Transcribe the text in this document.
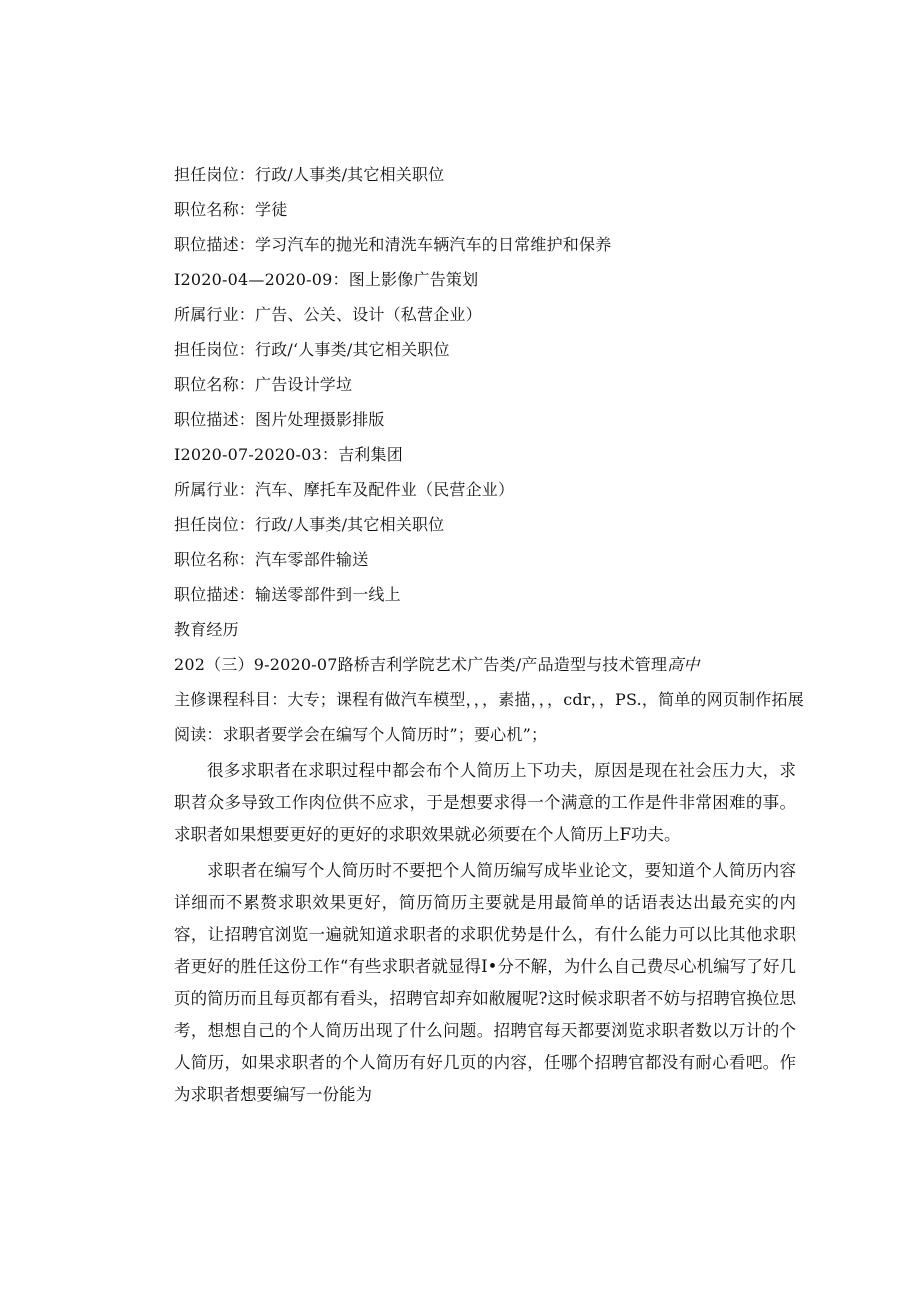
担任岗位：行政/人事类/其它相关职位
职位名称：学徒
职位描述：学习汽车的抛光和清洗车辆汽车的日常维护和保养
I2020-04—2020-09：图上影像广告策划
所属行业：广告、公关、设计（私营企业）
担任岗位：行政/‘人事类/其它相关职位
职位名称：广告设计学垃
职位描述：图片处理摄影排版
I2020-07-2020-03：吉利集团
所属行业：汽车、摩托车及配件业（民营企业）
担任岗位：行政/人事类/其它相关职位
职位名称：汽车零部件输送
职位描述：输送零部件到一线上
教育经历
202（三）9-2020-07路桥吉利学院艺术广告类/产品造型与技术管理高中
主修课程科目：大专；课程有做汽车模型，，，素描，，，cdr，，PS.，简单的网页制作拓展
阅读：求职者要学会在编写个人简历时”；要心机”；

很多求职者在求职过程中都会布个人简历上下功夫，原因是现在社会压力大，求职苕众多导致工作肉位供不应求，于是想要求得一个满意的工作是件非常困难的事。求职者如果想要更好的更好的求职效果就必须要在个人简历上F功夫。

求职者在编写个人简历时不要把个人简历编写成毕业论文，要知道个人简历内容详细而不累赘求职效果更好，简历简历主要就是用最简单的话语表达出最充实的内容，让招聘官浏览一遍就知道求职者的求职优势是什么，有什么能力可以比其他求职者更好的胜任这份工作“有些求职者就显得I•分不解，为什么自己费尽心机编写了好几页的简历而且每页都有看头，招聘官却弃如敝履呢?这时候求职者不妨与招聘官换位思考，想想自己的个人简历出现了什么问题。招聘官每天都要浏览求职者数以万计的个人简历，如果求职者的个人简历有好几页的内容，任哪个招聘官都没有耐心看吧。作为求职者想要编写一份能为
